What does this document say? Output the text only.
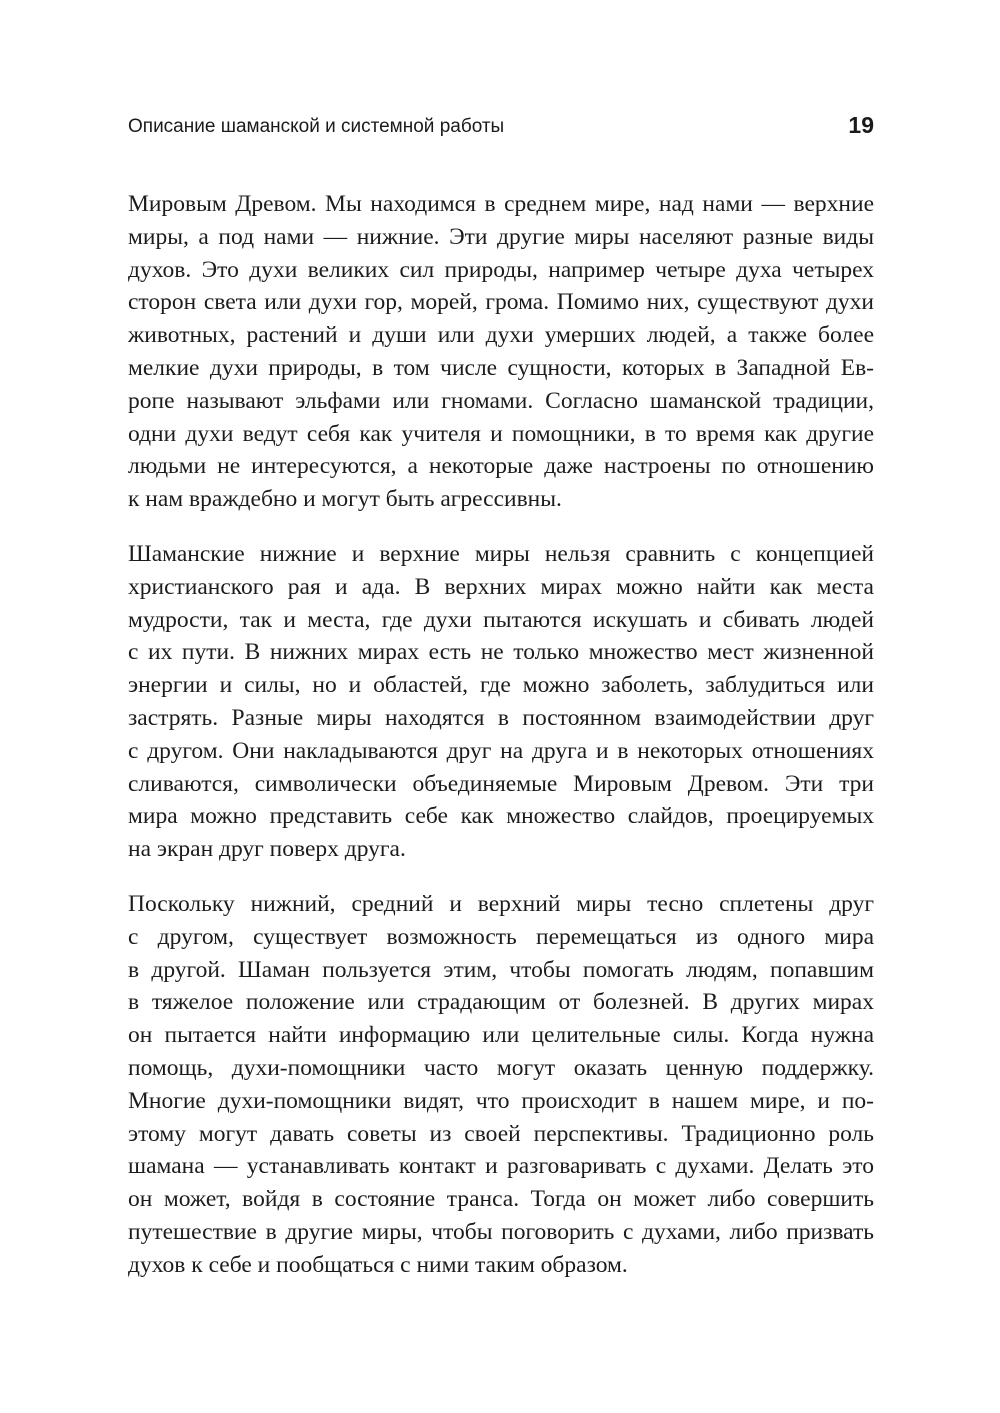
Описание шаманской и системной работы	19

Мировым Древом. Мы находимся в среднем мире, над нами — верхние
миры, а под нами — нижние. Эти другие миры населяют разные виды
духов. Это духи великих сил природы, например четыре духа четырех
сторон света или духи гор, морей, грома. Помимо них, существуют духи
животных, растений и души или духи умерших людей, а также более
мелкие духи природы, в том числе сущности, которых в Западной Ев-
ропе называют эльфами или гномами. Согласно шаманской традиции,
одни духи ведут себя как учителя и помощники, в то время как другие
людьми не интересуются, а некоторые даже настроены по отношению
к нам враждебно и могут быть агрессивны.

Шаманские нижние и верхние миры нельзя сравнить с концепцией
христианского рая и ада. В верхних мирах можно найти как места
мудрости, так и места, где духи пытаются искушать и сбивать людей
с их пути. В нижних мирах есть не только множество мест жизненной
энергии и силы, но и областей, где можно заболеть, заблудиться или
застрять. Разные миры находятся в постоянном взаимодействии друг
с другом. Они накладываются друг на друга и в некоторых отношениях
сливаются, символически объединяемые Мировым Древом. Эти три
мира можно представить себе как множество слайдов, проецируемых
на экран друг поверх друга.

Поскольку нижний, средний и верхний миры тесно сплетены друг
с другом, существует возможность перемещаться из одного мира
в другой. Шаман пользуется этим, чтобы помогать людям, попавшим
в тяжелое положение или страдающим от болезней. В других мирах
он пытается найти информацию или целительные силы. Когда нужна
помощь, духи-помощники часто могут оказать ценную поддержку.
Многие духи-помощники видят, что происходит в нашем мире, и по-
этому могут давать советы из своей перспективы. Традиционно роль
шамана — устанавливать контакт и разговаривать с духами. Делать это
он может, войдя в состояние транса. Тогда он может либо совершить
путешествие в другие миры, чтобы поговорить с духами, либо призвать
духов к себе и пообщаться с ними таким образом.
